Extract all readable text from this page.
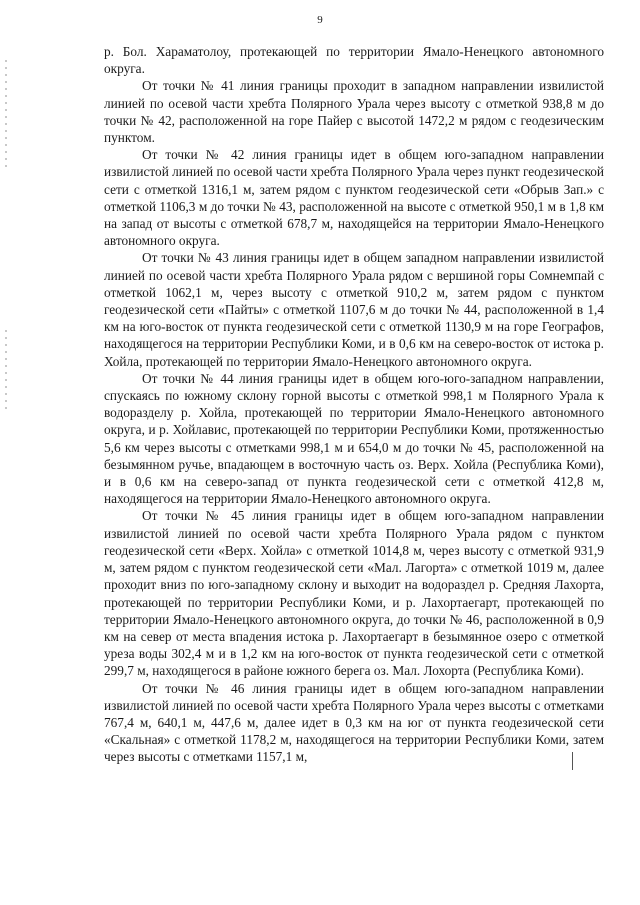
9

р. Бол. Хараматолоу, протекающей по территории Ямало-Ненецкого автономного округа.

От точки № 41 линия границы проходит в западном направлении извилистой линией по осевой части хребта Полярного Урала через высоту с отметкой 938,8 м до точки № 42, расположенной на горе Пайер с высотой 1472,2 м рядом с геодезическим пунктом.

От точки № 42 линия границы идет в общем юго-западном направлении извилистой линией по осевой части хребта Полярного Урала через пункт геодезической сети с отметкой 1316,1 м, затем рядом с пунктом геодезической сети «Обрыв Зап.» с отметкой 1106,3 м до точки № 43, расположенной на высоте с отметкой 950,1 м в 1,8 км на запад от высоты с отметкой 678,7 м, находящейся на территории Ямало-Ненецкого автономного округа.

От точки № 43 линия границы идет в общем западном направлении извилистой линией по осевой части хребта Полярного Урала рядом с вершиной горы Сомнемпай с отметкой 1062,1 м, через высоту с отметкой 910,2 м, затем рядом с пунктом геодезической сети «Пайты» с отметкой 1107,6 м до точки № 44, расположенной в 1,4 км на юго-восток от пункта геодезической сети с отметкой 1130,9 м на горе Географов, находящегося на территории Республики Коми, и в 0,6 км на северо-восток от истока р. Хойла, протекающей по территории Ямало-Ненецкого автономного округа.

От точки № 44 линия границы идет в общем юго-юго-западном направлении, спускаясь по южному склону горной высоты с отметкой 998,1 м Полярного Урала к водоразделу р. Хойла, протекающей по территории Ямало-Ненецкого автономного округа, и р. Хойлавис, протекающей по территории Республики Коми, протяженностью 5,6 км через высоты с отметками 998,1 м и 654,0 м до точки № 45, расположенной на безымянном ручье, впадающем в восточную часть оз. Верх. Хойла (Республика Коми), и в 0,6 км на северо-запад от пункта геодезической сети с отметкой 412,8 м, находящегося на территории Ямало-Ненецкого автономного округа.

От точки № 45 линия границы идет в общем юго-западном направлении извилистой линией по осевой части хребта Полярного Урала рядом с пунктом геодезической сети «Верх. Хойла» с отметкой 1014,8 м, через высоту с отметкой 931,9 м, затем рядом с пунктом геодезической сети «Мал. Лагорта» с отметкой 1019 м, далее проходит вниз по юго-западному склону и выходит на водораздел р. Средняя Лахорта, протекающей по территории Республики Коми, и р. Лахортаегарт, протекающей по территории Ямало-Ненецкого автономного округа, до точки № 46, расположенной в 0,9 км на север от места впадения истока р. Лахортаегарт в безымянное озеро с отметкой уреза воды 302,4 м и в 1,2 км на юго-восток от пункта геодезической сети с отметкой 299,7 м, находящегося в районе южного берега оз. Мал. Лохорта (Республика Коми).

От точки № 46 линия границы идет в общем юго-западном направлении извилистой линией по осевой части хребта Полярного Урала через высоты с отметками 767,4 м, 640,1 м, 447,6 м, далее идет в 0,3 км на юг от пункта геодезической сети «Скальная» с отметкой 1178,2 м, находящегося на территории Республики Коми, затем через высоты с отметками 1157,1 м,
